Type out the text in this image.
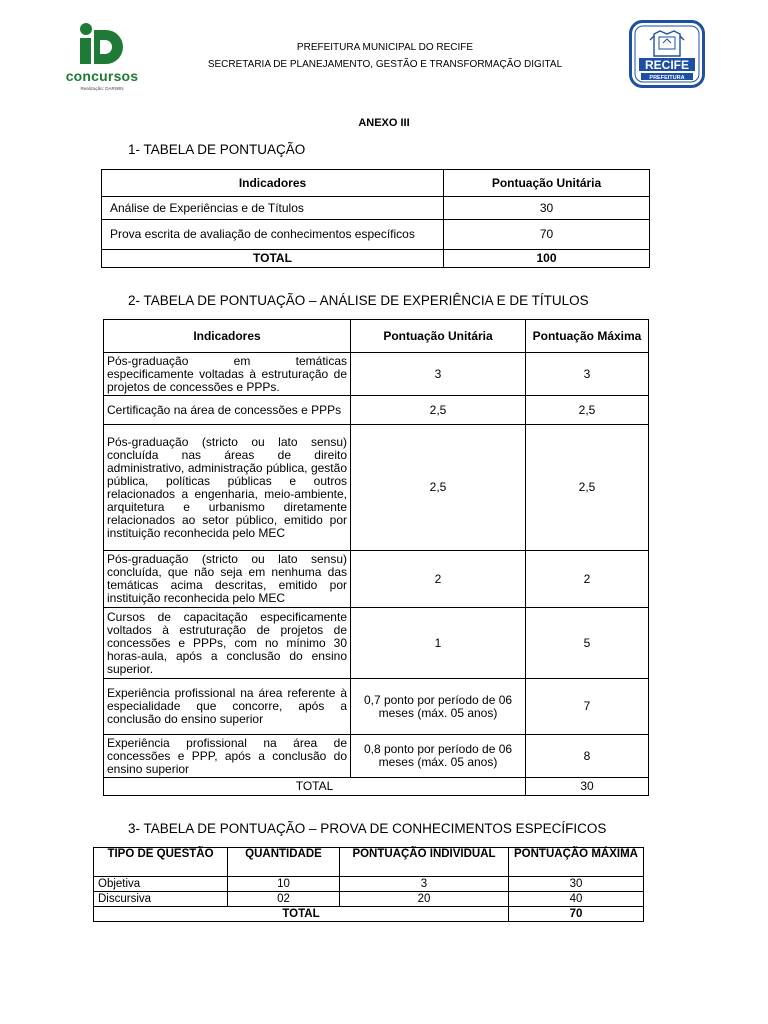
concursos
Realização: DARWIN
RECIFE
PREFEITURA
PREFEITURA MUNICIPAL DO RECIFE
SECRETARIA DE PLANEJAMENTO, GESTÃO E TRANSFORMAÇÃO DIGITAL
ANEXO III
1- TABELA DE PONTUAÇÃO
Indicadores	Pontuação Unitária
Análise de Experiências e de Títulos	30
Prova escrita de avaliação de conhecimentos específicos	70
TOTAL	100
2- TABELA DE PONTUAÇÃO – ANÁLISE DE EXPERIÊNCIA E DE TÍTULOS
Indicadores	Pontuação Unitária	Pontuação Máxima
Pós-graduação em temáticas especificamente voltadas à estruturação de projetos de concessões e PPPs.	3	3
Certificação na área de concessões e PPPs	2,5	2,5
Pós-graduação (stricto ou lato sensu) concluída nas áreas de direito administrativo, administração pública, gestão pública, políticas públicas e outros relacionados a engenharia, meio-ambiente, arquitetura e urbanismo diretamente relacionados ao setor público, emitido por instituição reconhecida pelo MEC	2,5	2,5
Pós-graduação (stricto ou lato sensu) concluída, que não seja em nenhuma das temáticas acima descritas, emitido por instituição reconhecida pelo MEC	2	2
Cursos de capacitação especificamente voltados à estruturação de projetos de concessões e PPPs, com no mínimo 30 horas-aula, após a conclusão do ensino superior.	1	5
Experiência profissional na área referente à especialidade que concorre, após a conclusão do ensino superior	0,7 ponto por período de 06 meses (máx. 05 anos)	7
Experiência profissional na área de concessões e PPP, após a conclusão do ensino superior	0,8 ponto por período de 06 meses (máx. 05 anos)	8
TOTAL		30
3- TABELA DE PONTUAÇÃO – PROVA DE CONHECIMENTOS ESPECÍFICOS
TIPO DE QUESTÃO	QUANTIDADE	PONTUAÇÃO INDIVIDUAL	PONTUAÇÃO MÁXIMA
Objetiva	10	3	30
Discursiva	02	20	40
TOTAL			70
